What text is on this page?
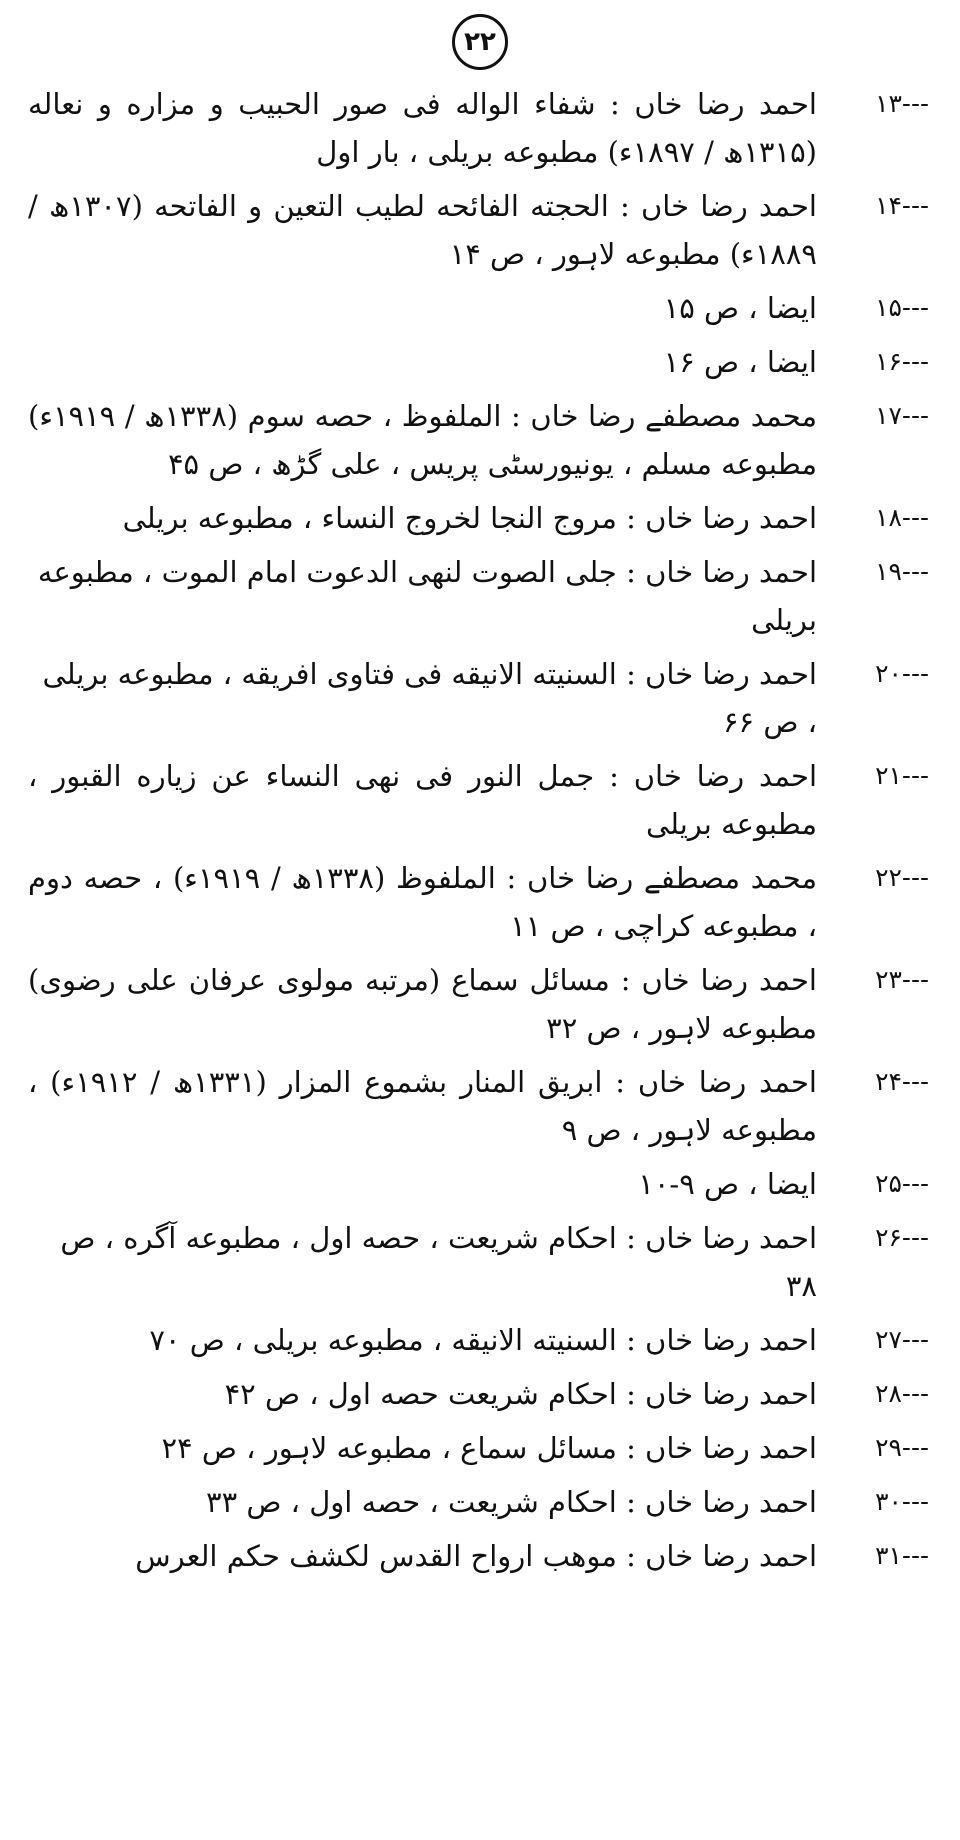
۲۲
---۱۳
احمد رضا خاں : شفاء الواله فی صور الحبیب و مزاره و نعاله (۱۳۱۵ھ / ۱۸۹۷ء) مطبوعه بریلی ، بار اول
---۱۴
احمد رضا خاں : الحجته الفائحه لطیب التعین و الفاتحه (۱۳۰۷ھ / ۱۸۸۹ء) مطبوعه لاہور ، ص ۱۴
---۱۵
ایضا ، ص ۱۵
---۱۶
ایضا ، ص ۱۶
---۱۷
محمد مصطفے رضا خاں : الملفوظ ، حصه سوم (۱۳۳۸ھ / ۱۹۱۹ء) مطبوعه مسلم ، یونیورسٹی پریس ، علی گڑھ ، ص ۴۵
---۱۸
احمد رضا خاں : مروج النجا لخروج النساء ، مطبوعه بریلی
---۱۹
احمد رضا خاں : جلی الصوت لنهی الدعوت امام الموت ، مطبوعه بریلی
---۲۰
احمد رضا خاں : السنیته الانیقه فی فتاوی افریقه ، مطبوعه بریلی ، ص ۶۶
---۲۱
احمد رضا خاں : جمل النور فی نهی النساء عن زیاره القبور ، مطبوعه بریلی
---۲۲
محمد مصطفے رضا خاں : الملفوظ (۱۳۳۸ھ / ۱۹۱۹ء) ، حصه دوم ، مطبوعه کراچی ، ص ۱۱
---۲۳
احمد رضا خاں : مسائل سماع (مرتبه مولوی عرفان علی رضوی) مطبوعه لاہور ، ص ۳۲
---۲۴
احمد رضا خاں : ابریق المنار بشموع المزار (۱۳۳۱ھ / ۱۹۱۲ء) ، مطبوعه لاہور ، ص ۹
---۲۵
ایضا ، ص ۹-۱۰
---۲۶
احمد رضا خاں : احکام شریعت ، حصه اول ، مطبوعه آگره ، ص ۳۸
---۲۷
احمد رضا خاں : السنیته الانیقه ، مطبوعه بریلی ، ص ۷۰
---۲۸
احمد رضا خاں : احکام شریعت حصه اول ، ص ۴۲
---۲۹
احمد رضا خاں : مسائل سماع ، مطبوعه لاہور ، ص ۲۴
---۳۰
احمد رضا خاں : احکام شریعت ، حصه اول ، ص ۳۳
---۳۱
احمد رضا خاں : موهب ارواح القدس لکشف حکم العرس
